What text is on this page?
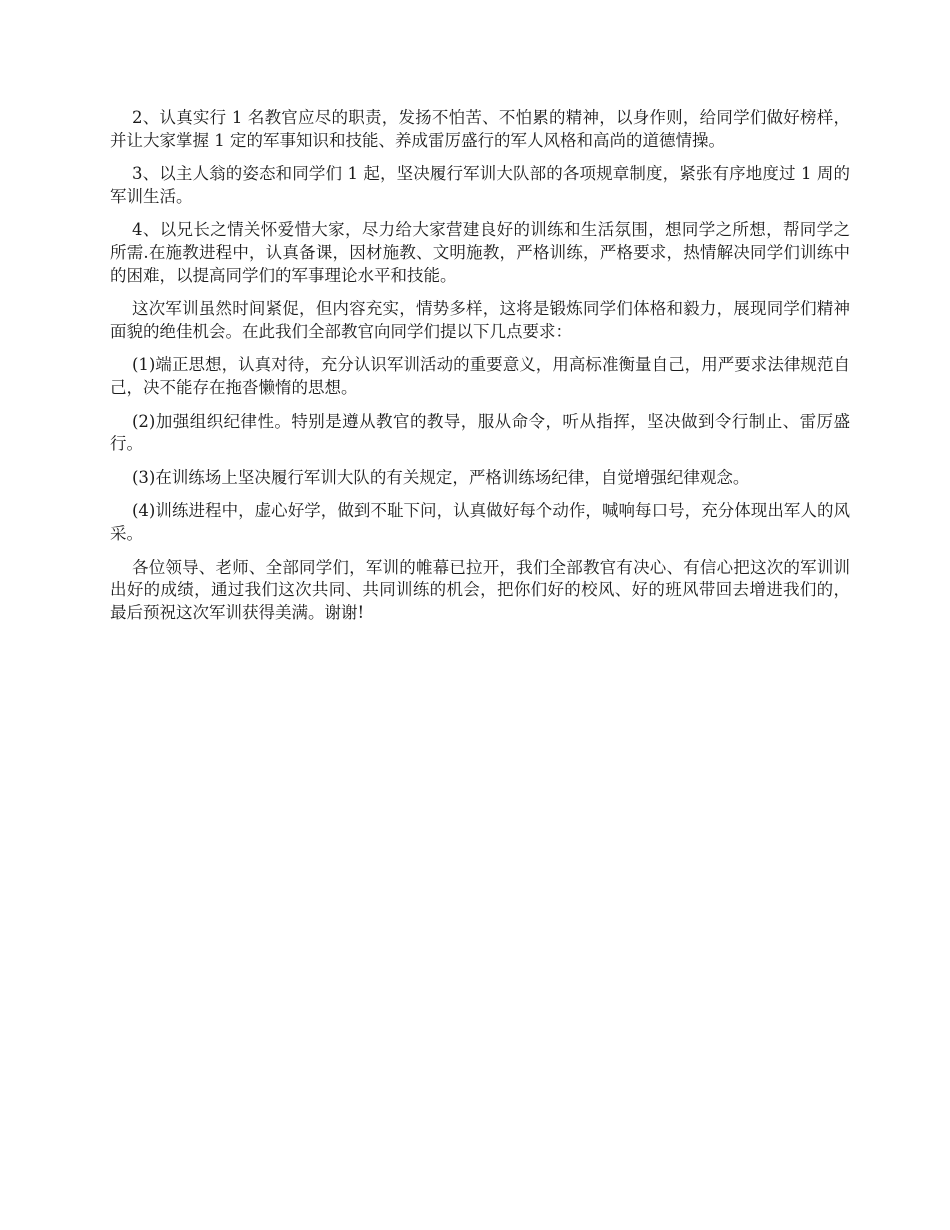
2、认真实行 1 名教官应尽的职责，发扬不怕苦、不怕累的精神，以身作则，给同学们做好榜样，并让大家掌握 1 定的军事知识和技能、养成雷厉盛行的军人风格和高尚的道德情操。

3、以主人翁的姿态和同学们 1 起，坚决履行军训大队部的各项规章制度，紧张有序地度过 1 周的军训生活。

4、以兄长之情关怀爱惜大家，尽力给大家营建良好的训练和生活氛围，想同学之所想，帮同学之所需.在施教进程中，认真备课，因材施教、文明施教，严格训练，严格要求，热情解决同学们训练中的困难，以提高同学们的军事理论水平和技能。

这次军训虽然时间紧促，但内容充实，情势多样，这将是锻炼同学们体格和毅力，展现同学们精神面貌的绝佳机会。在此我们全部教官向同学们提以下几点要求：

(1)端正思想，认真对待，充分认识军训活动的重要意义，用高标准衡量自己，用严要求法律规范自己，决不能存在拖沓懒惰的思想。

(2)加强组织纪律性。特别是遵从教官的教导，服从命令，听从指挥，坚决做到令行制止、雷厉盛行。

(3)在训练场上坚决履行军训大队的有关规定，严格训练场纪律，自觉增强纪律观念。

(4)训练进程中，虚心好学，做到不耻下问，认真做好每个动作，喊响每口号，充分体现出军人的风采。

各位领导、老师、全部同学们，军训的帷幕已拉开，我们全部教官有决心、有信心把这次的军训训出好的成绩，通过我们这次共同、共同训练的机会，把你们好的校风、好的班风带回去增进我们的，最后预祝这次军训获得美满。谢谢!
